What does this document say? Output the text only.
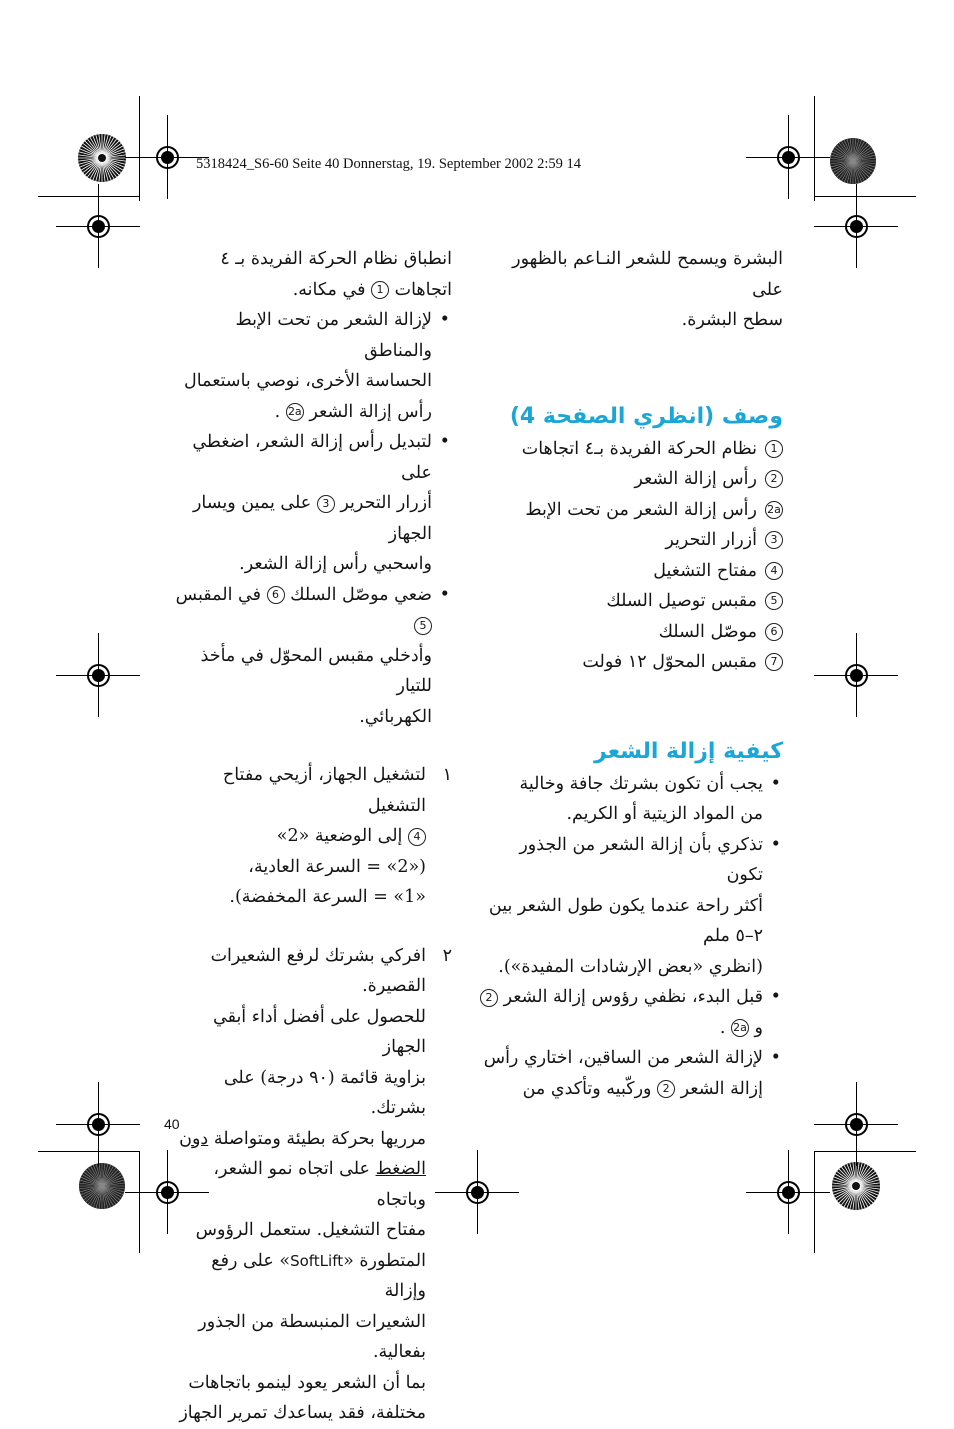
5318424_S6-60 Seite 40 Donnerstag, 19. September 2002 2:59 14

البشرة ويسمح للشعر النـاعم بالظهور على

سطح البشرة.

وصف (انظري الصفحة 4)

1
نظام الحركة الفريدة بـ٤ اتجاهات

2
رأس إزالة الشعر

2a
رأس إزالة الشعر من تحت الإبط

3
أزرار التحرير

4
مفتاح التشغيل

5
مقبس توصيل السلك

6
موصّل السلك

7
مقبس المحوّل ١٢ فولت

كيفية إزالة الشعر

•

يجب أن تكون بشرتك جافة وخالية

من المواد الزيتية أو الكريم.

•

تذكري بأن إزالة الشعر من الجذور تكون

أكثر راحة عندما يكون طول الشعر بين

٢–٥ ملم

(انظري «بعض الإرشادات المفيدة»).

•

قبل البدء، نظفي رؤوس إزالة الشعر 2

و 2a .

•

لإزالة الشعر من الساقين، اختاري رأس

إزالة الشعر 2 وركّبيه وتأكدي من

انطباق نظام الحركة الفريدة بـ ٤

اتجاهات 1 في مكانه.

•

لإزالة الشعر من تحت الإبط والمناطق

الحساسة الأخرى، نوصي باستعمال

رأس إزالة الشعر 2a .

•

لتبديل رأس إزالة الشعر، اضغطي على

أزرار التحرير 3 على يمين ويسار الجهاز

واسحبي رأس إزالة الشعر.

•

ضعي موصّل السلك 6 في المقبس 5

وأدخلي مقبس المحوّل في مأخذ للتيار

الكهربائي.

١

لتشغيل الجهاز، أزيحي مفتاح التشغيل

4 إلى الوضعية «2»

(«2» = السرعة العادية،

«1» = السرعة المخفضة).

٢

افركي بشرتك لرفع الشعيرات القصيرة.

للحصول على أفضل أداء أبقي الجهاز

بزاوية قائمة (٩٠ درجة) على بشرتك.

مرريها بحركة بطيئة ومتواصلة دون

الضغط على اتجاه نمو الشعر، وباتجاه

مفتاح التشغيل. ستعمل الرؤوس

المتطورة «SoftLift» على رفع وإزالة

الشعيرات المنبسطة من الجذور بفعالية.

بما أن الشعر يعود لينمو باتجاهات

مختلفة، فقد يساعدك تمرير الجهاز

40
